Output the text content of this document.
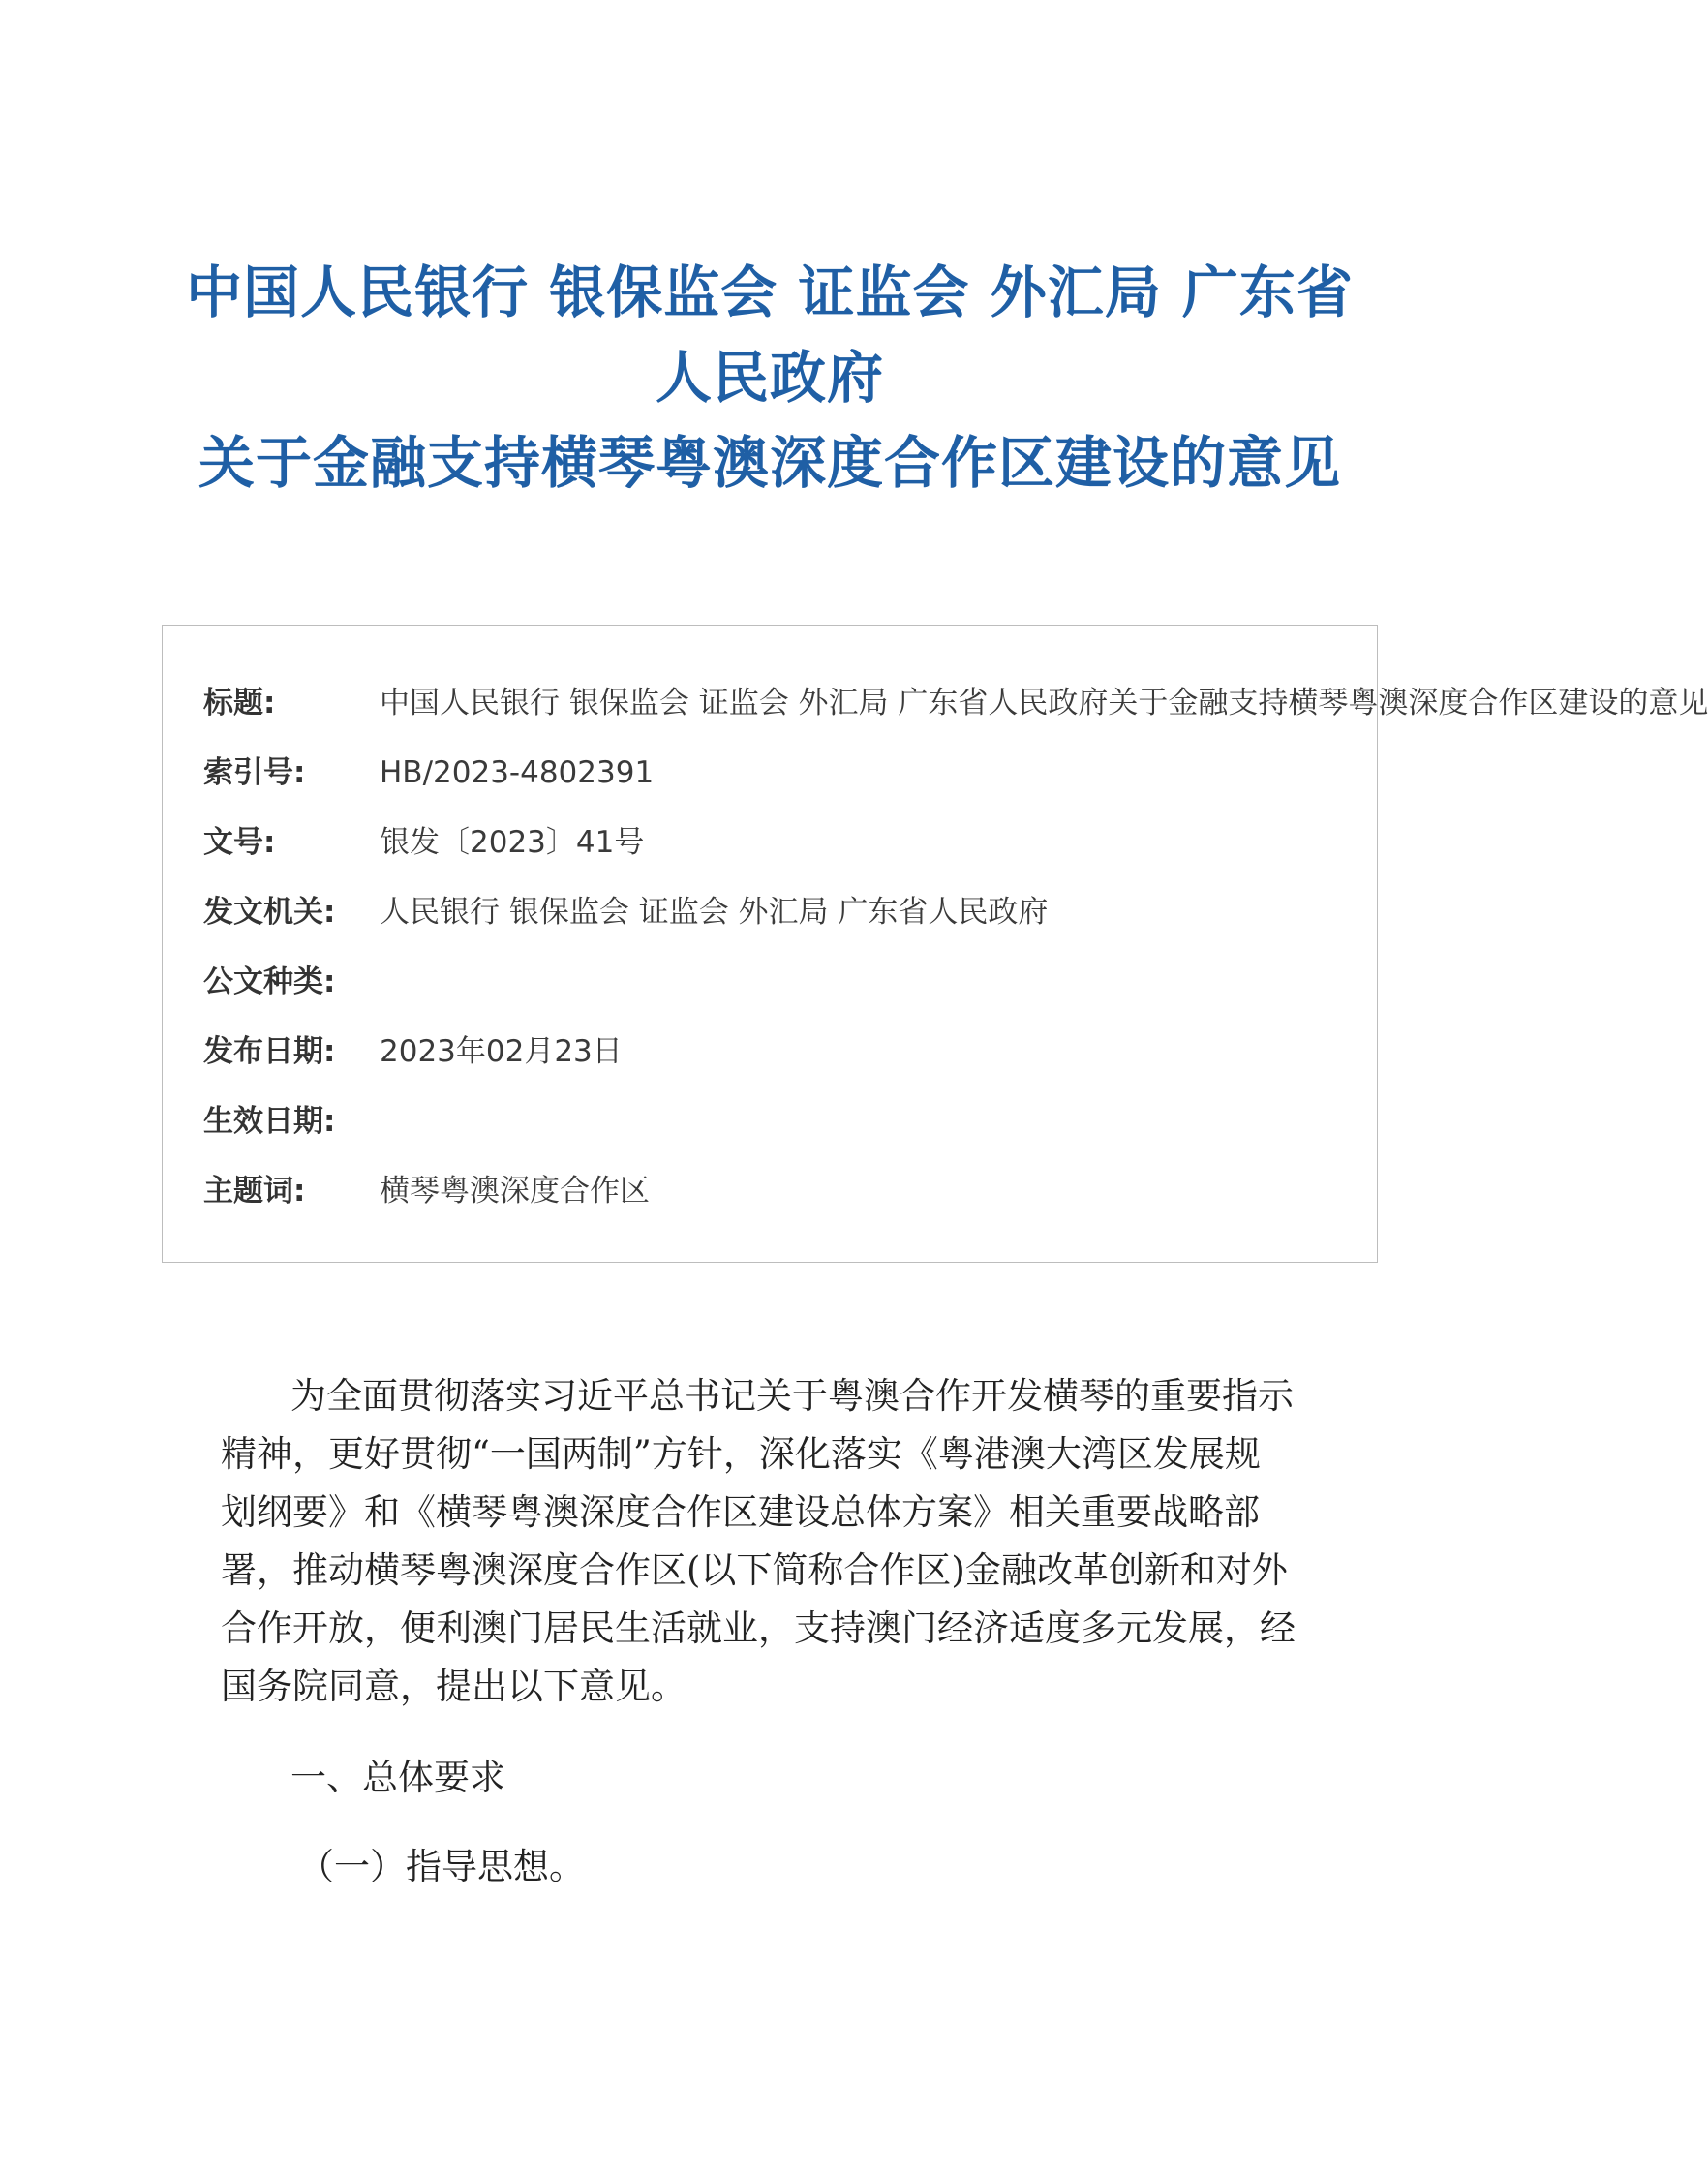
中国人民银行 银保监会 证监会 外汇局 广东省
人民政府
关于金融支持横琴粤澳深度合作区建设的意见
标题:	中国人民银行 银保监会 证监会 外汇局 广东省人民政府关于金融支持横琴粤澳深度合作区建设的意见
索引号: HB/2023-4802391
文号:	银发〔2023〕41号
发文机关: 人民银行 银保监会 证监会 外汇局 广东省人民政府
公文种类:
发布日期: 2023年02月23日
生效日期:
主题词: 横琴粤澳深度合作区
为全面贯彻落实习近平总书记关于粤澳合作开发横琴的重要指示
精神，更好贯彻“一国两制”方针，深化落实《粤港澳大湾区发展规
划纲要》和《横琴粤澳深度合作区建设总体方案》相关重要战略部
署，推动横琴粤澳深度合作区(以下简称合作区)金融改革创新和对外
合作开放，便利澳门居民生活就业，支持澳门经济适度多元发展，经
国务院同意，提出以下意见。
一、总体要求
（一）指导思想。
